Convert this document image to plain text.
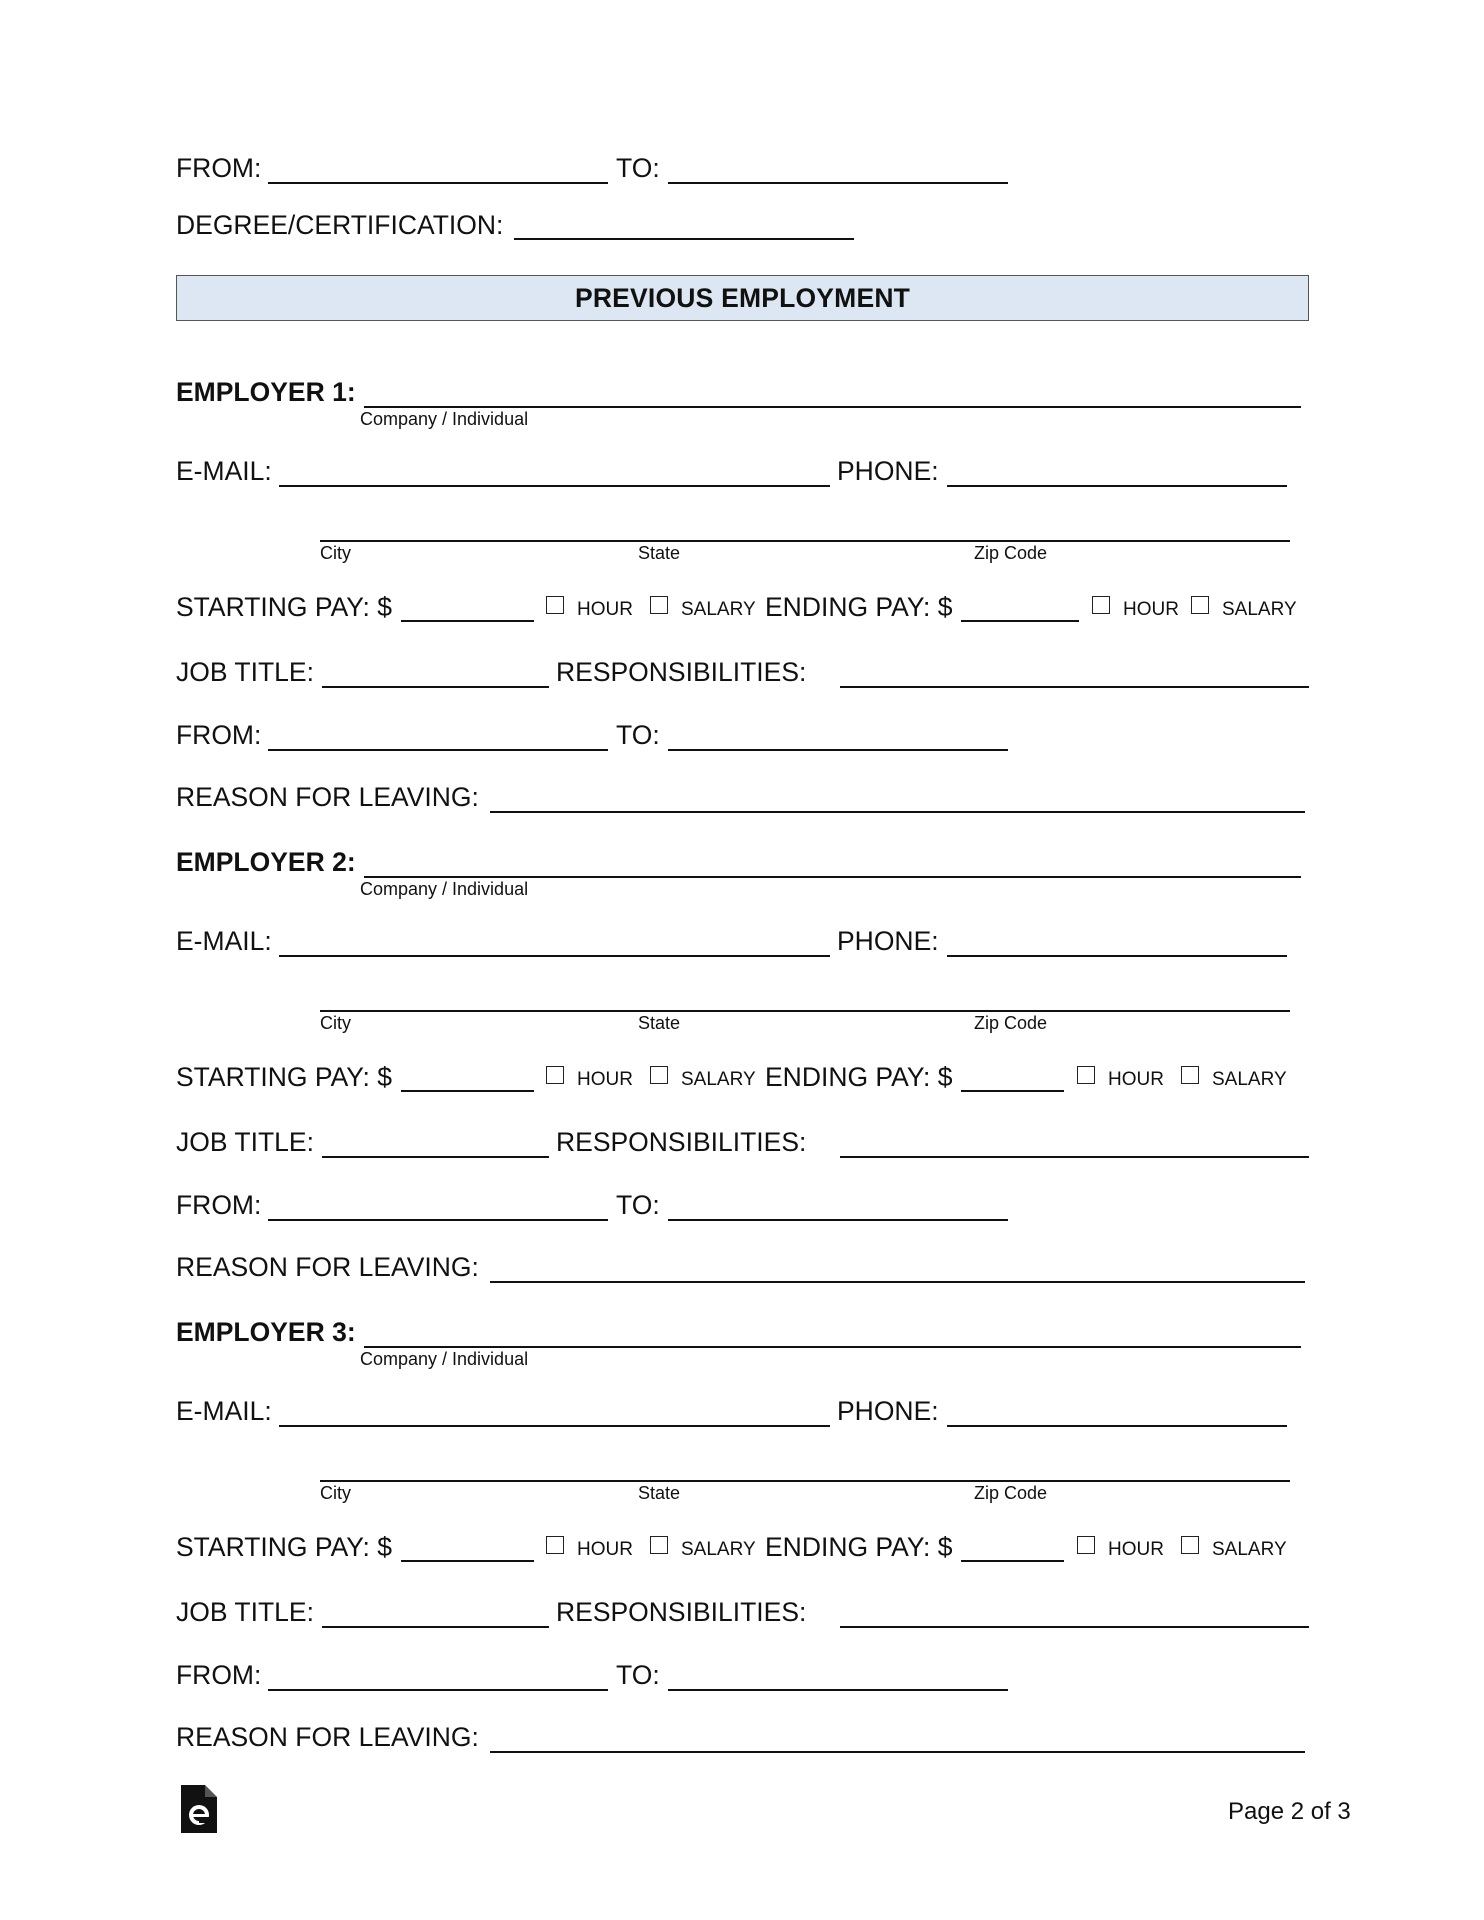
FROM:	TO:
DEGREE/CERTIFICATION:
PREVIOUS EMPLOYMENT
EMPLOYER 1:
Company / Individual
E-MAIL:	PHONE:
City	State	Zip Code
STARTING PAY: $	HOUR	SALARY ENDING PAY: $	HOUR SALARY
JOB TITLE:	RESPONSIBILITIES:
FROM:	TO:
REASON FOR LEAVING:
EMPLOYER 2:
Company / Individual
E-MAIL:	PHONE:
City	State	Zip Code
STARTING PAY: $	HOUR	SALARY ENDING PAY: $	HOUR	SALARY
JOB TITLE:	RESPONSIBILITIES:
FROM:	TO:
REASON FOR LEAVING:
EMPLOYER 3:
Company / Individual
E-MAIL:	PHONE:
City	State	Zip Code
STARTING PAY: $	HOUR	SALARY ENDING PAY: $	HOUR	SALARY
JOB TITLE:	RESPONSIBILITIES:
FROM:	TO:
REASON FOR LEAVING:
Page 2 of 3
